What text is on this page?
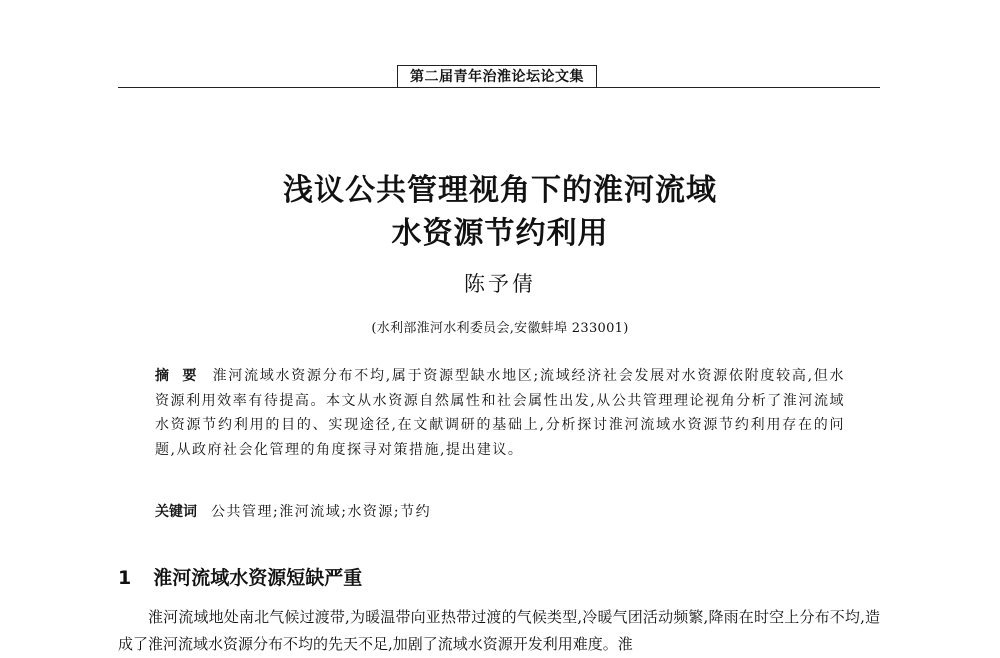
第二届青年治淮论坛论文集
浅议公共管理视角下的淮河流域
水资源节约利用
陈予倩
(水利部淮河水利委员会,安徽蚌埠 233001)
摘 要 淮河流域水资源分布不均,属于资源型缺水地区;流域经济社会发展对水资源依附度较高,但水资源利用效率有待提高。本文从水资源自然属性和社会属性出发,从公共管理理论视角分析了淮河流域水资源节约利用的目的、实现途径,在文献调研的基础上,分析探讨淮河流域水资源节约利用存在的问题,从政府社会化管理的角度探寻对策措施,提出建议。
关键词 公共管理;淮河流域;水资源;节约
1 淮河流域水资源短缺严重
淮河流域地处南北气候过渡带,为暖温带向亚热带过渡的气候类型,冷暖气团活动频繁,降雨在时空上分布不均,造成了淮河流域水资源分布不均的先天不足,加剧了流域水资源开发利用难度。淮
